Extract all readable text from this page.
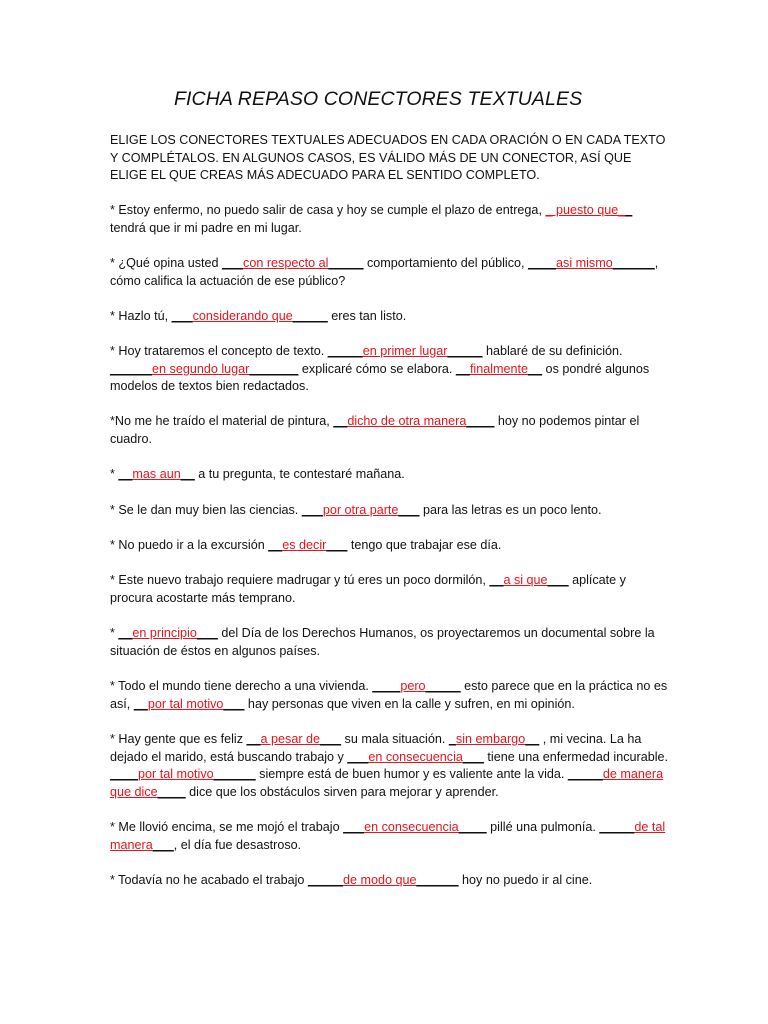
FICHA REPASO CONECTORES TEXTUALES

ELIGE LOS CONECTORES TEXTUALES ADECUADOS EN CADA ORACIÓN O EN CADA TEXTO Y COMPLÉTALOS. EN ALGUNOS CASOS, ES VÁLIDO MÁS DE UN CONECTOR, ASÍ QUE ELIGE EL QUE CREAS MÁS ADECUADO PARA EL SENTIDO COMPLETO.

* Estoy enfermo, no puedo salir de casa y hoy se cumple el plazo de entrega, _ puesto que__ tendrá que ir mi padre en mi lugar.

* ¿Qué opina usted ___con respecto al_____ comportamiento del público, ____asi mismo______, cómo califica la actuación de ese público?

* Hazlo tú, ___considerando que_____ eres tan listo.

* Hoy trataremos el concepto de texto. _____en primer lugar_____ hablaré de su definición. ______en segundo lugar_______ explicaré cómo se elabora. __finalmente__ os pondré algunos modelos de textos bien redactados.

*No me he traído el material de pintura, __dicho de otra manera____ hoy no podemos pintar el cuadro.

* __mas aun__ a tu pregunta, te contestaré mañana.

* Se le dan muy bien las ciencias. ___por otra parte___ para las letras es un poco lento.

* No puedo ir a la excursión __es decir___ tengo que trabajar ese día.

* Este nuevo trabajo requiere madrugar y tú eres un poco dormilón, __a si que___ aplícate y procura acostarte más temprano.

* __en principio___ del Día de los Derechos Humanos, os proyectaremos un documental sobre la situación de éstos en algunos países.

* Todo el mundo tiene derecho a una vivienda. ____pero_____ esto parece que en la práctica no es así, __por tal motivo___ hay personas que viven en la calle y sufren, en mi opinión.

* Hay gente que es feliz __a pesar de___ su mala situación. _sin embargo__ , mi vecina. La ha dejado el marido, está buscando trabajo y ___en consecuencia___ tiene una enfermedad incurable. ____por tal motivo______ siempre está de buen humor y es valiente ante la vida. _____de manera que dice____ dice que los obstáculos sirven para mejorar y aprender.

* Me llovió encima, se me mojó el trabajo ___en consecuencia____ pillé una pulmonía. _____de tal manera___, el día fue desastroso.

* Todavía no he acabado el trabajo _____de modo que______ hoy no puedo ir al cine.
